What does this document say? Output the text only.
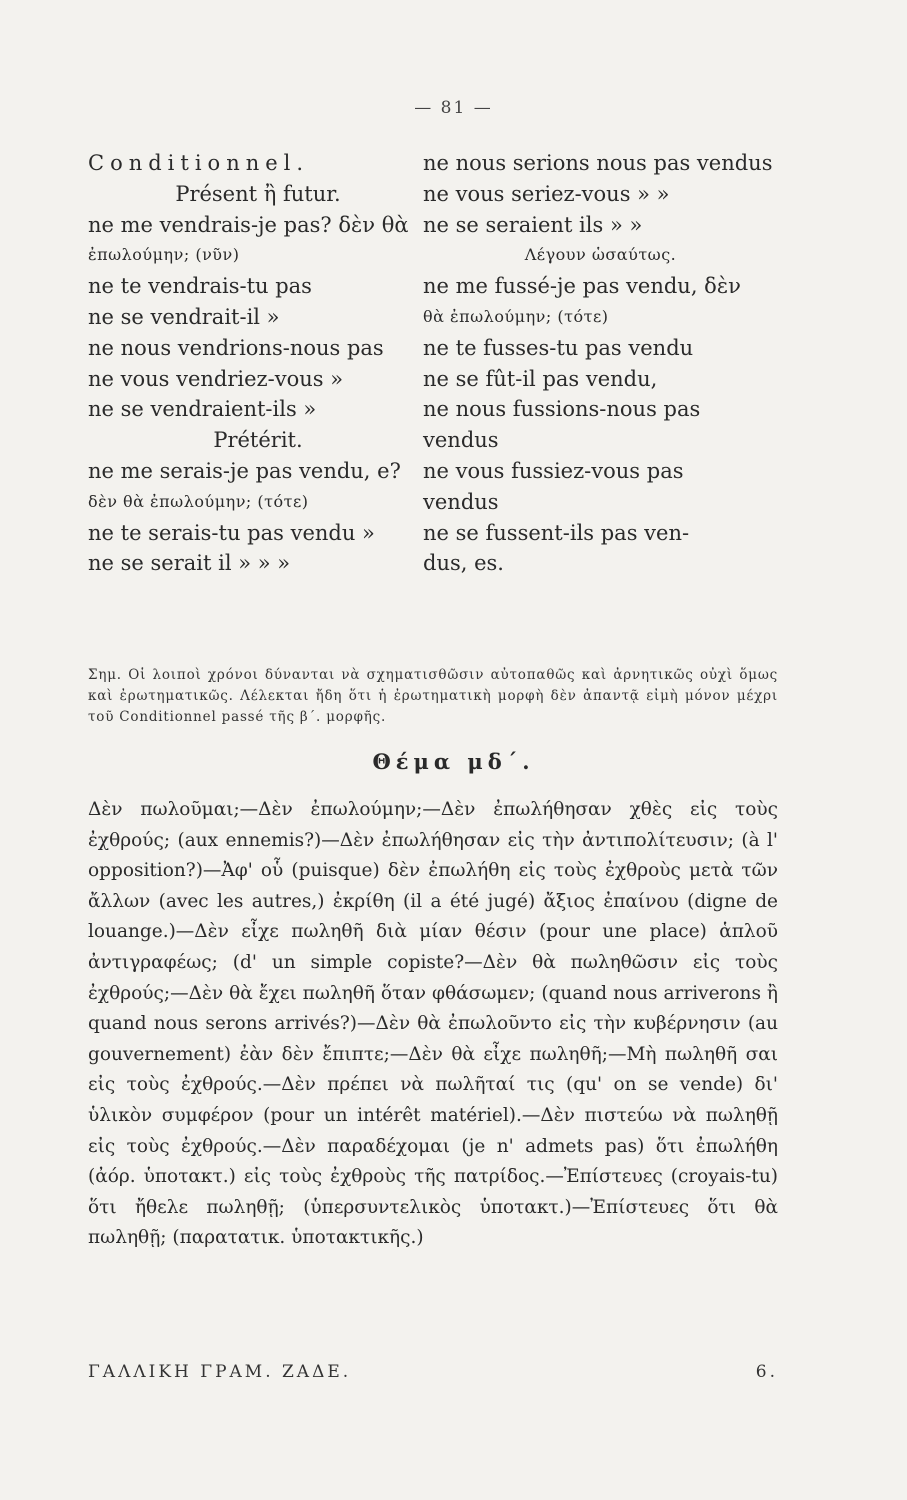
— 81 —
Conditionnel.
Présent ἢ futur.
ne me vendrais-je pas? δὲν θὰ
ἐπωλούμην; (νῦν)
ne te vendrais-tu pas
ne se vendrait-il »
ne nous vendrions-nous pas
ne vous vendriez-vous »
ne se vendraient-ils »
Prétérit.
ne me serais-je pas vendu, e?
δὲν θὰ ἐπωλούμην; (τότε)
ne te serais-tu pas vendu »
ne se serait il » » »
ne nous serions nous pas vendus
ne vous seriez-vous » »
ne se seraient ils » »
Λέγουν ὡσαύτως.
ne me fussé-je pas vendu, δὲν
θὰ ἐπωλούμην; (τότε)
ne te fusses-tu pas vendu
ne se fût-il pas vendu,
ne nous fussions-nous pas
vendus
ne vous fussiez-vous pas
vendus
ne se fussent-ils pas ven-
dus, es.
Σημ. Οἱ λοιποὶ χρόνοι δύνανται νὰ σχηματισθῶσιν αὐτοπαθῶς καὶ ἀρνητικῶς οὐχὶ ὅμως καὶ ἐρωτηματικῶς. Λέλεκται ἤδη ὅτι ἡ ἐρωτηματικὴ μορφὴ δὲν ἀπαντᾷ εἰμὴ μόνον μέχρι τοῦ Conditionnel passé τῆς β΄. μορφῆς.
Θέμα μδ΄.
Δὲν πωλοῦμαι;—Δὲν ἐπωλούμην;—Δὲν ἐπωλήθησαν χθὲς εἰς τοὺς ἐχθρούς; (aux ennemis?)—Δὲν ἐπωλήθησαν εἰς τὴν ἀντιπολίτευσιν; (à l' opposition?)—Ἀφ' οὗ (puisque) δὲν ἐπωλήθη εἰς τοὺς ἐχθροὺς μετὰ τῶν ἄλλων (avec les autres,) ἐκρίθη (il a été jugé) ἄξιος ἐπαίνου (digne de louange.)—Δὲν εἶχε πωληθῆ διὰ μίαν θέσιν (pour une place) ἁπλοῦ ἀντιγραφέως; (d' un simple copiste?—Δὲν θὰ πωληθῶσιν εἰς τοὺς ἐχθρούς;—Δὲν θὰ ἔχει πωληθῆ ὅταν φθάσωμεν; (quand nous arriverons ἢ quand nous serons arrivés?)—Δὲν θὰ ἐπωλοῦντο εἰς τὴν κυβέρνησιν (au gouvernement) ἐὰν δὲν ἔπιπτε;—Δὲν θὰ εἶχε πωληθῆ;—Μὴ πωληθῆ σαι εἰς τοὺς ἐχθρούς.—Δὲν πρέπει νὰ πωλῆταί τις (qu' on se vende) δι' ὑλικὸν συμφέρον (pour un intérêt matériel).—Δὲν πιστεύω νὰ πωληθῇ εἰς τοὺς ἐχθρούς.—Δὲν παραδέχομαι (je n' admets pas) ὅτι ἐπωλήθη (ἀόρ. ὑποτακτ.) εἰς τοὺς ἐχθροὺς τῆς πατρίδος.—Ἐπίστευες (croyais-tu) ὅτι ἤθελε πωληθῇ; (ὑπερσυντελικὸς ὑποτακτ.)—Ἐπίστευες ὅτι θὰ πωληθῇ; (παρατατικ. ὑποτακτικῆς.)
ΓΑΛΛΙΚΗ ΓΡΑΜ. ΖΑΔΕ.	6.
